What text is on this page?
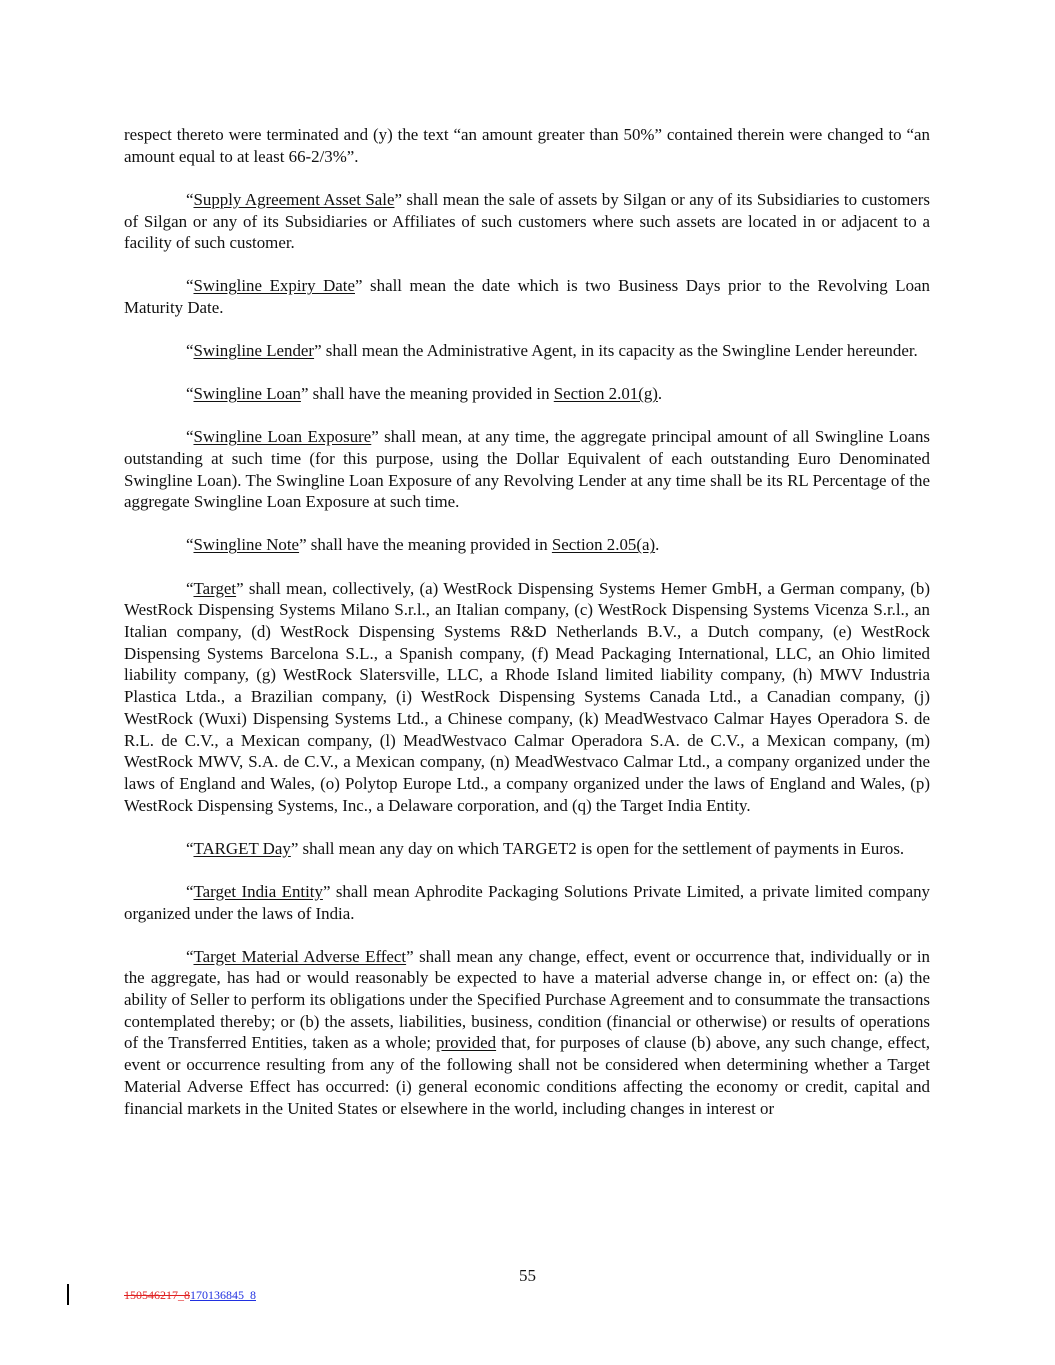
respect thereto were terminated and (y) the text “an amount greater than 50%” contained therein were changed to “an amount equal to at least 66-2/3%”.

“Supply Agreement Asset Sale” shall mean the sale of assets by Silgan or any of its Subsidiaries to customers of Silgan or any of its Subsidiaries or Affiliates of such customers where such assets are located in or adjacent to a facility of such customer.

“Swingline Expiry Date” shall mean the date which is two Business Days prior to the Revolving Loan Maturity Date.

“Swingline Lender” shall mean the Administrative Agent, in its capacity as the Swingline Lender hereunder.

“Swingline Loan” shall have the meaning provided in Section 2.01(g).

“Swingline Loan Exposure” shall mean, at any time, the aggregate principal amount of all Swingline Loans outstanding at such time (for this purpose, using the Dollar Equivalent of each outstanding Euro Denominated Swingline Loan). The Swingline Loan Exposure of any Revolving Lender at any time shall be its RL Percentage of the aggregate Swingline Loan Exposure at such time.

“Swingline Note” shall have the meaning provided in Section 2.05(a).

“Target” shall mean, collectively, (a) WestRock Dispensing Systems Hemer GmbH, a German company, (b) WestRock Dispensing Systems Milano S.r.l., an Italian company, (c) WestRock Dispensing Systems Vicenza S.r.l., an Italian company, (d) WestRock Dispensing Systems R&D Netherlands B.V., a Dutch company, (e) WestRock Dispensing Systems Barcelona S.L., a Spanish company, (f) Mead Packaging International, LLC, an Ohio limited liability company, (g) WestRock Slatersville, LLC, a Rhode Island limited liability company, (h) MWV Industria Plastica Ltda., a Brazilian company, (i) WestRock Dispensing Systems Canada Ltd., a Canadian company, (j) WestRock (Wuxi) Dispensing Systems Ltd., a Chinese company, (k) MeadWestvaco Calmar Hayes Operadora S. de R.L. de C.V., a Mexican company, (l) MeadWestvaco Calmar Operadora S.A. de C.V., a Mexican company, (m) WestRock MWV, S.A. de C.V., a Mexican company, (n) MeadWestvaco Calmar Ltd., a company organized under the laws of England and Wales, (o) Polytop Europe Ltd., a company organized under the laws of England and Wales, (p) WestRock Dispensing Systems, Inc., a Delaware corporation, and (q) the Target India Entity.

“TARGET Day” shall mean any day on which TARGET2 is open for the settlement of payments in Euros.

“Target India Entity” shall mean Aphrodite Packaging Solutions Private Limited, a private limited company organized under the laws of India.

“Target Material Adverse Effect” shall mean any change, effect, event or occurrence that, individually or in the aggregate, has had or would reasonably be expected to have a material adverse change in, or effect on: (a) the ability of Seller to perform its obligations under the Specified Purchase Agreement and to consummate the transactions contemplated thereby; or (b) the assets, liabilities, business, condition (financial or otherwise) or results of operations of the Transferred Entities, taken as a whole; provided that, for purposes of clause (b) above, any such change, effect, event or occurrence resulting from any of the following shall not be considered when determining whether a Target Material Adverse Effect has occurred: (i) general economic conditions affecting the economy or credit, capital and financial markets in the United States or elsewhere in the world, including changes in interest or

55
150546217_8170136845_8
